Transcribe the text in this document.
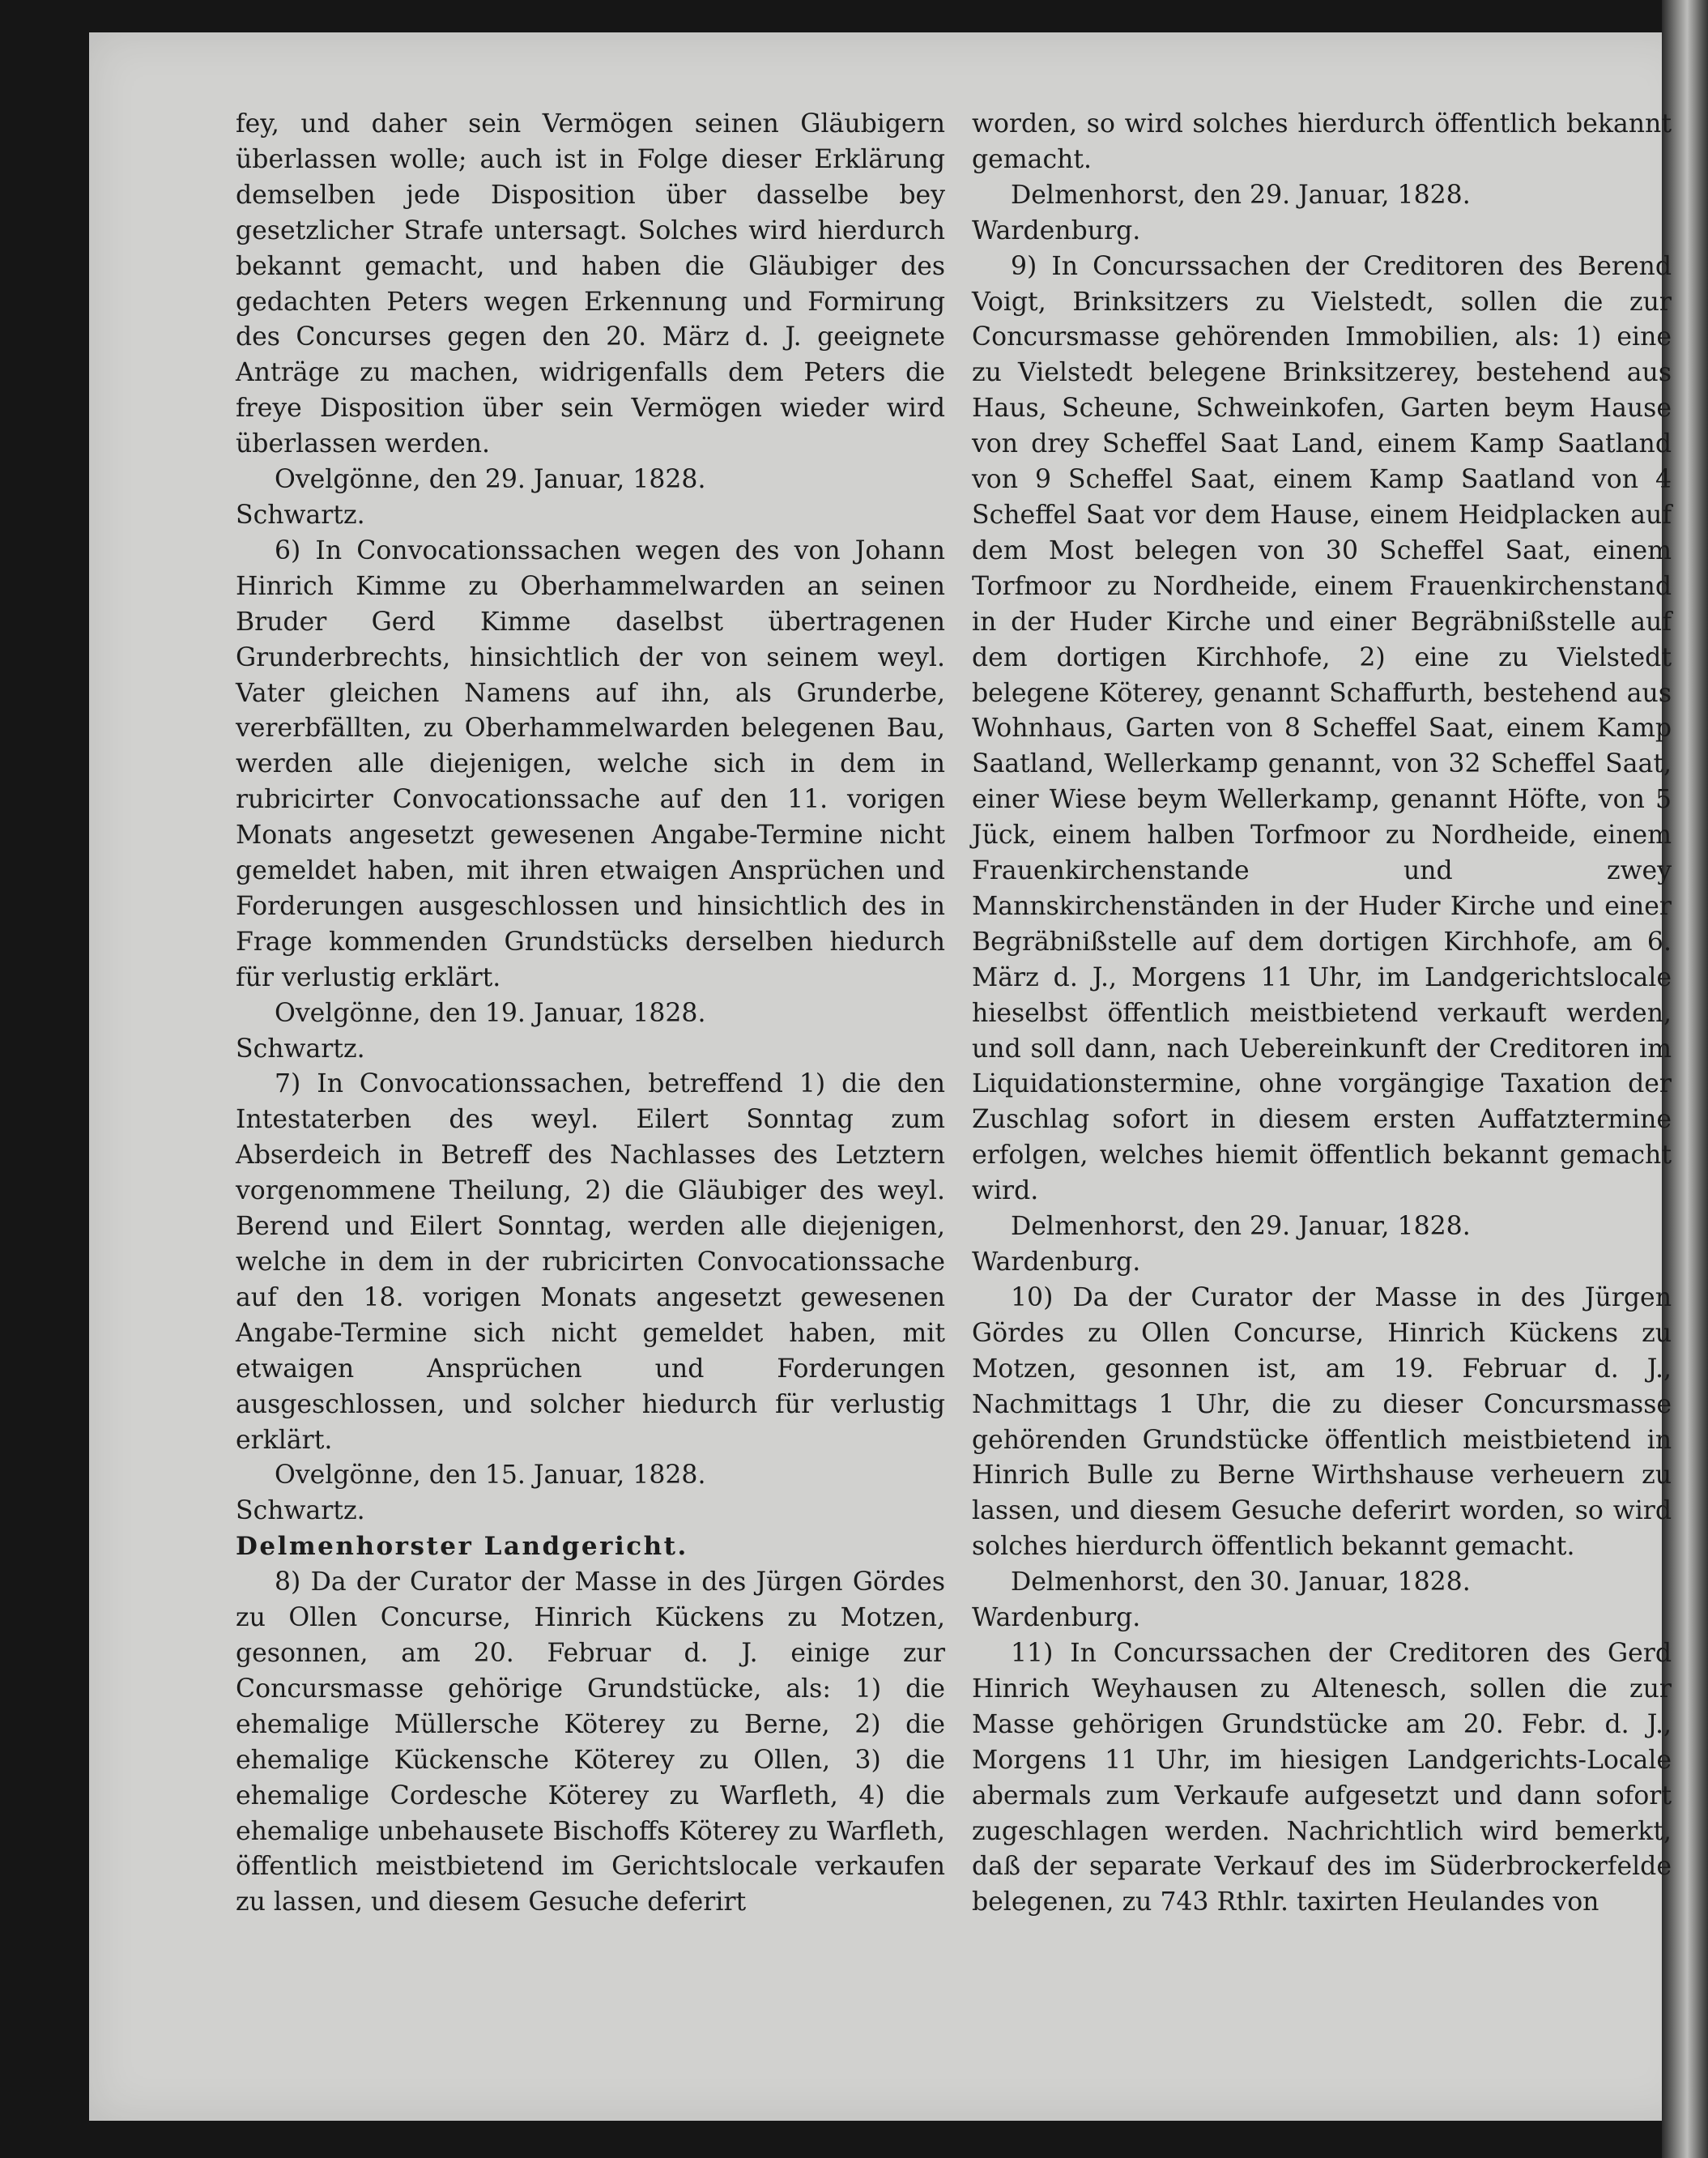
fey, und daher sein Vermögen seinen Gläubigern überlassen wolle; auch ist in Folge dieser Erklärung demselben jede Disposition über dasselbe bey gesetzlicher Strafe untersagt. Solches wird hierdurch bekannt gemacht, und haben die Gläubiger des gedachten Peters wegen Erkennung und Formirung des Concurses gegen den 20. März d. J. geeignete Anträge zu machen, widrigenfalls dem Peters die freye Disposition über sein Vermögen wieder wird überlassen werden.

Ovelgönne, den 29. Januar, 1828.

Schwartz.

6) In Convocationssachen wegen des von Johann Hinrich Kimme zu Oberhammelwarden an seinen Bruder Gerd Kimme daselbst übertragenen Grunderbrechts, hinsichtlich der von seinem weyl. Vater gleichen Namens auf ihn, als Grunderbe, vererbfällten, zu Oberhammelwarden belegenen Bau, werden alle diejenigen, welche sich in dem in rubricirter Convocationssache auf den 11. vorigen Monats angesetzt gewesenen Angabe-Termine nicht gemeldet haben, mit ihren etwaigen Ansprüchen und Forderungen ausgeschlossen und hinsichtlich des in Frage kommenden Grundstücks derselben hiedurch für verlustig erklärt.

Ovelgönne, den 19. Januar, 1828.

Schwartz.

7) In Convocationssachen, betreffend 1) die den Intestaterben des weyl. Eilert Sonntag zum Abserdeich in Betreff des Nachlasses des Letztern vorgenommene Theilung, 2) die Gläubiger des weyl. Berend und Eilert Sonntag, werden alle diejenigen, welche in dem in der rubricirten Convocationssache auf den 18. vorigen Monats angesetzt gewesenen Angabe-Termine sich nicht gemeldet haben, mit etwaigen Ansprüchen und Forderungen ausgeschlossen, und solcher hiedurch für verlustig erklärt.

Ovelgönne, den 15. Januar, 1828.

Schwartz.

Delmenhorster Landgericht.

8) Da der Curator der Masse in des Jürgen Gördes zu Ollen Concurse, Hinrich Kückens zu Motzen, gesonnen, am 20. Februar d. J. einige zur Concursmasse gehörige Grundstücke, als: 1) die ehemalige Müllersche Köterey zu Berne, 2) die ehemalige Kückensche Köterey zu Ollen, 3) die ehemalige Cordesche Köterey zu Warfleth, 4) die ehemalige unbehausete Bischoffs Köterey zu Warfleth, öffentlich meistbietend im Gerichtslocale verkaufen zu lassen, und diesem Gesuche deferirt

worden, so wird solches hierdurch öffentlich bekannt gemacht.

Delmenhorst, den 29. Januar, 1828.

Wardenburg.

9) In Concurssachen der Creditoren des Berend Voigt, Brinksitzers zu Vielstedt, sollen die zur Concursmasse gehörenden Immobilien, als: 1) eine zu Vielstedt belegene Brinksitzerey, bestehend aus Haus, Scheune, Schweinkofen, Garten beym Hause von drey Scheffel Saat Land, einem Kamp Saatland von 9 Scheffel Saat, einem Kamp Saatland von 4 Scheffel Saat vor dem Hause, einem Heidplacken auf dem Most belegen von 30 Scheffel Saat, einem Torfmoor zu Nordheide, einem Frauenkirchenstand in der Huder Kirche und einer Begräbnißstelle auf dem dortigen Kirchhofe, 2) eine zu Vielstedt belegene Köterey, genannt Schaffurth, bestehend aus Wohnhaus, Garten von 8 Scheffel Saat, einem Kamp Saatland, Wellerkamp genannt, von 32 Scheffel Saat, einer Wiese beym Wellerkamp, genannt Höfte, von 5 Jück, einem halben Torfmoor zu Nordheide, einem Frauenkirchenstande und zwey Mannskirchenständen in der Huder Kirche und einer Begräbnißstelle auf dem dortigen Kirchhofe, am 6. März d. J., Morgens 11 Uhr, im Landgerichtslocale hieselbst öffentlich meistbietend verkauft werden, und soll dann, nach Uebereinkunft der Creditoren im Liquidationstermine, ohne vorgängige Taxation der Zuschlag sofort in diesem ersten Auffatztermine erfolgen, welches hiemit öffentlich bekannt gemacht wird.

Delmenhorst, den 29. Januar, 1828.

Wardenburg.

10) Da der Curator der Masse in des Jürgen Gördes zu Ollen Concurse, Hinrich Kückens zu Motzen, gesonnen ist, am 19. Februar d. J., Nachmittags 1 Uhr, die zu dieser Concursmasse gehörenden Grundstücke öffentlich meistbietend in Hinrich Bulle zu Berne Wirthshause verheuern zu lassen, und diesem Gesuche deferirt worden, so wird solches hierdurch öffentlich bekannt gemacht.

Delmenhorst, den 30. Januar, 1828.

Wardenburg.

11) In Concurssachen der Creditoren des Gerd Hinrich Weyhausen zu Altenesch, sollen die zur Masse gehörigen Grundstücke am 20. Febr. d. J., Morgens 11 Uhr, im hiesigen Landgerichts-Locale abermals zum Verkaufe aufgesetzt und dann sofort zugeschlagen werden. Nachrichtlich wird bemerkt, daß der separate Verkauf des im Süderbrockerfelde belegenen, zu 743 Rthlr. taxirten Heulandes von
